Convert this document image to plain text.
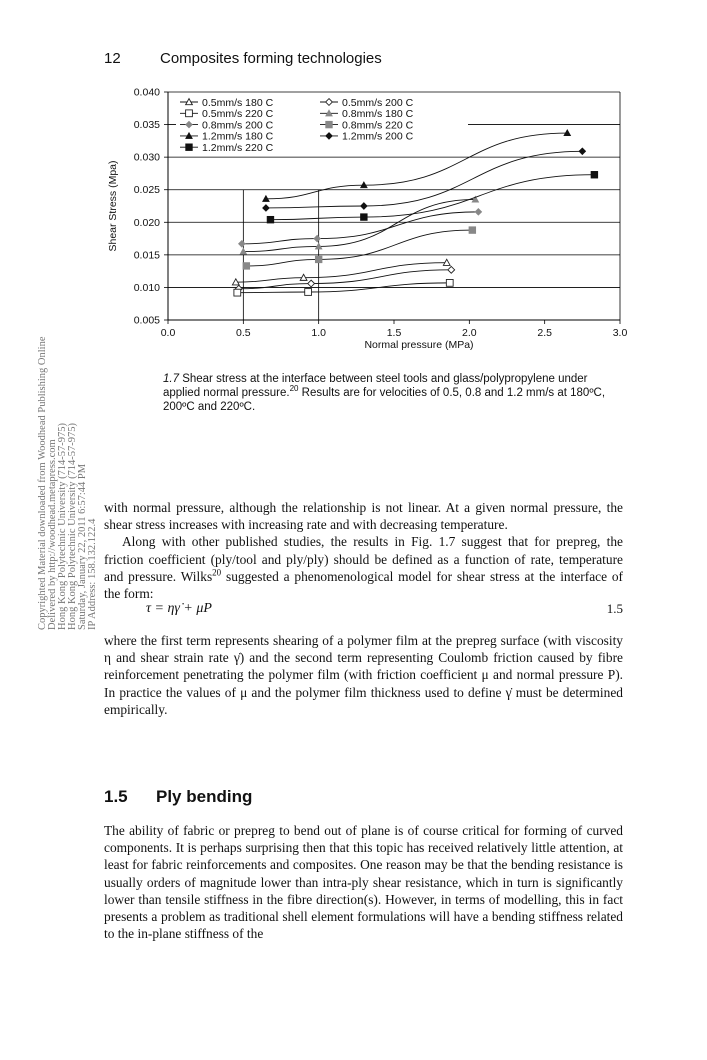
12	Composites forming technologies
Copyrighted Material downloaded from Woodhead Publishing Online Delivered by http://woodhead.metapress.com Hong Kong Polytechnic University (714-57-975) Hong Kong Polytechnic University (714-57-975) Saturday, January 22, 2011 6:57:44 PM IP Address: 158.132.122.4
0.005
0.010
0.015
0.020
0.025
0.030
0.035
0.040
0.0	0.5	1.0	1.5	2.0	2.5	3.0
Normal pressure (MPa)
Shear Stress (Mpa)
0.5mm/s 180 C	0.5mm/s 200 C
0.5mm/s 220 C	0.8mm/s 180 C
0.8mm/s 200 C	0.8mm/s 220 C
1.2mm/s 180 C	1.2mm/s 200 C
1.2mm/s 220 C
1.7 Shear stress at the interface between steel tools and glass/polypropylene under applied normal pressure.$^{20}$ Results are for velocities of 0.5, 0.8 and 1.2 mm/s at 180ºC, 200ºC and 220ºC.

with normal pressure, although the relationship is not linear. At a given normal pressure, the shear stress increases with increasing rate and with decreasing temperature.

Along with other published studies, the results in Fig. 1.7 suggest that for prepreg, the friction coefficient (ply/tool and ply/ply) should be defined as a function of rate, temperature and pressure. Wilks$^{20}$ suggested a phenomenological model for shear stress at the interface of the form:

τ = ηγ̇ + μP	1.5

where the first term represents shearing of a polymer film at the prepreg surface (with viscosity η and shear strain rate γ̇) and the second term representing Coulomb friction caused by fibre reinforcement penetrating the polymer film (with friction coefficient μ and normal pressure P). In practice the values of μ and the polymer film thickness used to define γ̇ must be determined empirically.

1.5 Ply bending

The ability of fabric or prepreg to bend out of plane is of course critical for forming of curved components. It is perhaps surprising then that this topic has received relatively little attention, at least for fabric reinforcements and composites. One reason may be that the bending resistance is usually orders of magnitude lower than intra-ply shear resistance, which in turn is significantly lower than tensile stiffness in the fibre direction(s). However, in terms of modelling, this in fact presents a problem as traditional shell element formulations will have a bending stiffness related to the in-plane stiffness of the
